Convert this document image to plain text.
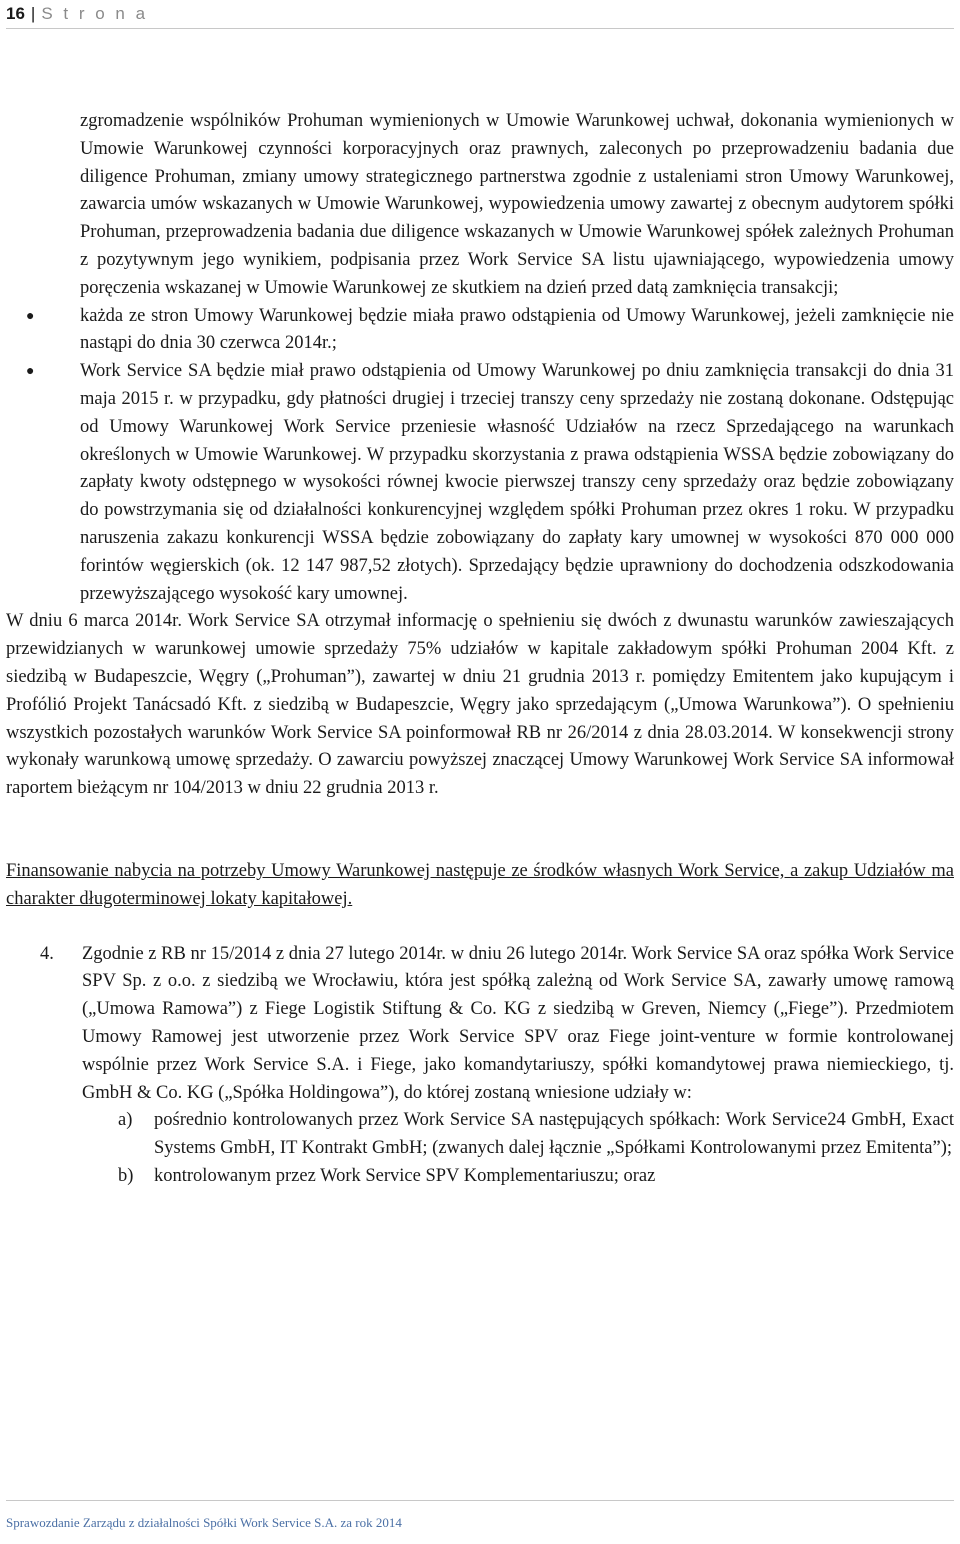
16 | S t r o n a
zgromadzenie wspólników Prohuman wymienionych w Umowie Warunkowej uchwał, dokonania wymienionych w Umowie Warunkowej czynności korporacyjnych oraz prawnych, zaleconych po przeprowadzeniu badania due diligence Prohuman, zmiany umowy strategicznego partnerstwa zgodnie z ustaleniami stron Umowy Warunkowej, zawarcia umów wskazanych w Umowie Warunkowej, wypowiedzenia umowy zawartej z obecnym audytorem spółki Prohuman, przeprowadzenia badania due diligence wskazanych w Umowie Warunkowej spółek zależnych Prohuman z pozytywnym jego wynikiem, podpisania przez Work Service SA listu ujawniającego, wypowiedzenia umowy poręczenia wskazanej w Umowie Warunkowej ze skutkiem na dzień przed datą zamknięcia transakcji;
● każda ze stron Umowy Warunkowej będzie miała prawo odstąpienia od Umowy Warunkowej, jeżeli zamknięcie nie nastąpi do dnia 30 czerwca 2014r.;
● Work Service SA będzie miał prawo odstąpienia od Umowy Warunkowej po dniu zamknięcia transakcji do dnia 31 maja 2015 r. w przypadku, gdy płatności drugiej i trzeciej transzy ceny sprzedaży nie zostaną dokonane. Odstępując od Umowy Warunkowej Work Service przeniesie własność Udziałów na rzecz Sprzedającego na warunkach określonych w Umowie Warunkowej. W przypadku skorzystania z prawa odstąpienia WSSA będzie zobowiązany do zapłaty kwoty odstępnego w wysokości równej kwocie pierwszej transzy ceny sprzedaży oraz będzie zobowiązany do powstrzymania się od działalności konkurencyjnej względem spółki Prohuman przez okres 1 roku. W przypadku naruszenia zakazu konkurencji WSSA będzie zobowiązany do zapłaty kary umownej w wysokości 870 000 000 forintów węgierskich (ok. 12 147 987,52 złotych). Sprzedający będzie uprawniony do dochodzenia odszkodowania przewyższającego wysokość kary umownej.
W dniu 6 marca 2014r. Work Service SA otrzymał informację o spełnieniu się dwóch z dwunastu warunków zawieszających przewidzianych w warunkowej umowie sprzedaży 75% udziałów w kapitale zakładowym spółki Prohuman 2004 Kft. z siedzibą w Budapeszcie, Węgry („Prohuman”), zawartej w dniu 21 grudnia 2013 r. pomiędzy Emitentem jako kupującym i Profólió Projekt Tanácsadó Kft. z siedzibą w Budapeszcie, Węgry jako sprzedającym („Umowa Warunkowa”). O spełnieniu wszystkich pozostałych warunków Work Service SA poinformował RB nr 26/2014 z dnia 28.03.2014. W konsekwencji strony wykonały warunkową umowę sprzedaży. O zawarciu powyższej znaczącej Umowy Warunkowej Work Service SA informował raportem bieżącym nr 104/2013 w dniu 22 grudnia 2013 r.
Finansowanie nabycia na potrzeby Umowy Warunkowej następuje ze środków własnych Work Service, a zakup Udziałów ma charakter długoterminowej lokaty kapitałowej.
4. Zgodnie z RB nr 15/2014 z dnia 27 lutego 2014r. w dniu 26 lutego 2014r. Work Service SA oraz spółka Work Service SPV Sp. z o.o. z siedzibą we Wrocławiu, która jest spółką zależną od Work Service SA, zawarły umowę ramową („Umowa Ramowa”) z Fiege Logistik Stiftung & Co. KG z siedzibą w Greven, Niemcy („Fiege”). Przedmiotem Umowy Ramowej jest utworzenie przez Work Service SPV oraz Fiege joint-venture w formie kontrolowanej wspólnie przez Work Service S.A. i Fiege, jako komandytariuszy, spółki komandytowej prawa niemieckiego, tj. GmbH & Co. KG („Spółka Holdingowa”), do której zostaną wniesione udziały w:
a) pośrednio kontrolowanych przez Work Service SA następujących spółkach: Work Service24 GmbH, Exact Systems GmbH, IT Kontrakt GmbH; (zwanych dalej łącznie „Spółkami Kontrolowanymi przez Emitenta”);
b) kontrolowanym przez Work Service SPV Komplementariuszu; oraz
Sprawozdanie Zarządu z działalności Spółki Work Service S.A. za rok 2014
